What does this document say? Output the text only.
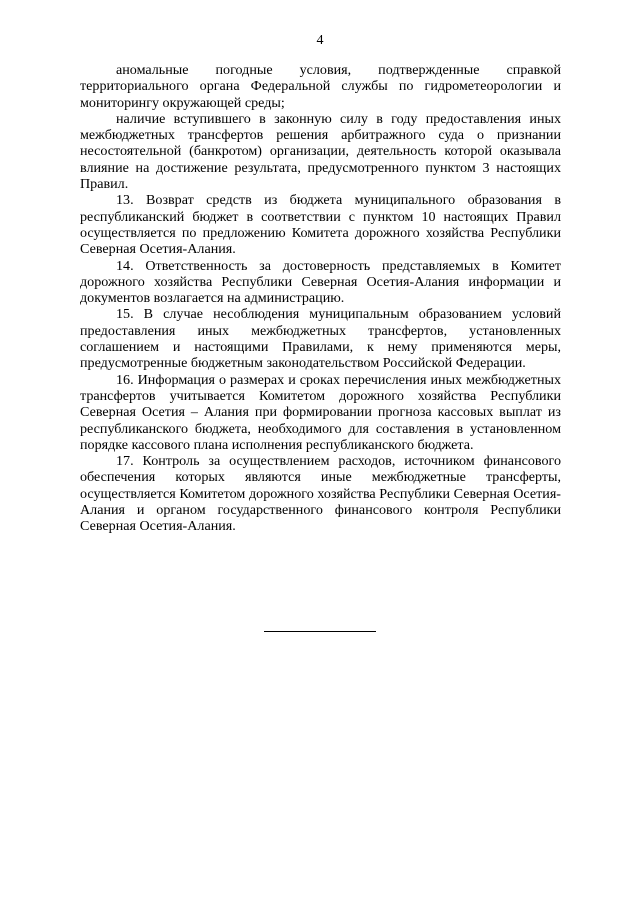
4

аномальные погодные условия, подтвержденные справкой территориального органа Федеральной службы по гидрометеорологии и мониторингу окружающей среды;

наличие вступившего в законную силу в году предоставления иных межбюджетных трансфертов решения арбитражного суда о признании несостоятельной (банкротом) организации, деятельность которой оказывала влияние на достижение результата, предусмотренного пунктом 3 настоящих Правил.

13. Возврат средств из бюджета муниципального образования в республиканский бюджет в соответствии с пунктом 10 настоящих Правил осуществляется по предложению Комитета дорожного хозяйства Республики Северная Осетия-Алания.

14. Ответственность за достоверность представляемых в Комитет дорожного хозяйства Республики Северная Осетия-Алания информации и документов возлагается на администрацию.

15. В случае несоблюдения муниципальным образованием условий предоставления иных межбюджетных трансфертов, установленных соглашением и настоящими Правилами, к нему применяются меры, предусмотренные бюджетным законодательством Российской Федерации.

16. Информация о размерах и сроках перечисления иных межбюджетных трансфертов учитывается Комитетом дорожного хозяйства Республики Северная Осетия – Алания при формировании прогноза кассовых выплат из республиканского бюджета, необходимого для составления в установленном порядке кассового плана исполнения республиканского бюджета.

17. Контроль за осуществлением расходов, источником финансового обеспечения которых являются иные межбюджетные трансферты, осуществляется Комитетом дорожного хозяйства Республики Северная Осетия-Алания и органом государственного финансового контроля Республики Северная Осетия-Алания.
